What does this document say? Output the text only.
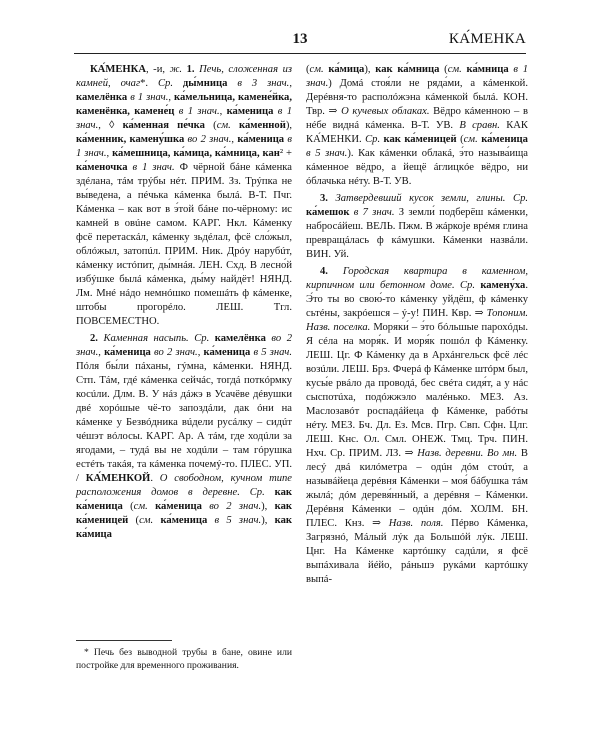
13	КА́МЕНКА

КА́МЕНКА, -и, ж. 1. Печь, сложенная из камней, очаг*. Ср. ды́мница в 3 знач., камелёнка в 1 знач., ка́мельница, камене́йка, каменёнка, камене́ц в 1 знач., ка́меница в 1 знач., ◊ ка́менная пе́чка (см. ка́менной), ка́менник, камену́шка во 2 знач., ка́меница в 1 знач., ка́мешница, ка́мица, ка́мница, кан² + ка́меночка в 1 знач. Ф чёрной бáне кáменка здéлана, тáм трýбы нéт. ПРИМ. Зз. Трýпка не вы́ведена, а пéчька кáменка былá. В-Т. Пчг. Кáменка – как вот в э́той бáне по-чёрному: ис камней в овúне самом. КАРГ. Нкл. Кáменку фсё перетаскáл, кáменку зьдéлал, фсё сло́жыл, облóжыл, затопúл. ПРИМ. Ник. Дрóу нарубúт, кáменку истóпит, ды́мнáя. ЛЕН. Схд. В лесно́й избýшке былá кáменка, ды́му найдёт! НЯНД. Лм. Мнé нáдо немнóшко помешáть ф кáменке, штобы прогорéло. ЛЕШ. Тгл. ПОВСЕМЕСТНО.

2. Каменная насыпь. Ср. камелёнка во 2 знач., ка́меница во 2 знач., ка́меница в 5 знач. Пóля бы́ли пáханы, гýмна, кáменки. НЯНД. Стп. Тáм, гдé кáменка сейчáс, тогдá поткóрмку косúли. Длм. В. У нáз дáжэ в Усачёве дéвушки двé хорóшые чё-то запоздáли, дак óни на кáменке у Безвóдника вúдели русáлку – сидúт чéшэт вóлосы. КАРГ. Ар. А тáм, где ходúли за ягодами, – тудá вы не ходúли – там гóрушка естéть такáя, та кáменка почемý-то. ПЛЕС. УП. / КА́МЕНКОЙ. О свободном, кучном типе расположения домов в деревне. Ср. как ка́меница (см. ка́меница во 2 знач.), как ка́меницей (см. ка́меница в 5 знач.), как ка́мица

(см. ка́мица), как ка́мница (см. ка́мница в 1 знач.) Домá стоя́ли не ряда́ми, а кáменкой. Дерéвня-то располóжэна кáменкой былá. КОН. Твр. ⇒ О кучевых облаках. Вёдро кáменною – в нéбе виднá кáменка. В-Т. УВ. В сравн. КАК КА́МЕНКИ. Ср. как ка́меницей (см. ка́меница в 5 знач.). Как кáменки облакá, э́то называ́ищa кáменное вёдро, а йещё áглицкóе вёдро, ни óблачька нéту. В-Т. УВ.

3. Затвердевший кусок земли, глины. Ср. ка́мешок в 7 знач. З земли́ подберёш кáменки, набросáйеш. ВЕЛЬ. Пжм. В жáркоје врéмя глина превращáлась ф кáмушки. Кáменки назвáли. ВИН. Уй.

4. Городская квартира в каменном, кирпичном или бетонном доме. Ср. камену́ха. Э́то ты во свою́-то кáменку уйдёш, ф кáменку сьтéны, закрóешся – ý-у! ПИН. Квр. ⇒ Топоним. Назв. поселка. Моряки́ – э́то бóльшые парохóды. Я сéла на моря́к. И моря́к пошóл ф Кáменку. ЛЕШ. Цг. Ф Кáменку да в Архáнгельск фсё лéс возúли. ЛЕШ. Брз. Фчерá ф Кáменке штóрм был, кусы́е рвáло да проводá, бес свéта сидя́т, а у нáс сыспотúха, подóжжэло малéнько. МЕЗ. Аз. Маслозавóт роспадáйеца ф Кáменке, рабóты нéту. МЕЗ. Бч. Дл. Ез. Мсв. Пгр. Свп. Сфн. Цлг. ЛЕШ. Кнс. Ол. Смл. ОНЕЖ. Тмц. Трч. ПИН. Нхч. Ср. ПРИМ. ЛЗ. ⇒ Назв. деревни. Во мн. В лесý двá килóметра – одúн дóм стоúт, а назывáйеца дерéвня Кáменки – моя́ бáбушка тáм жылá; дóм деревя́нный, а дерéвня – Кáменки. Дерéвня Кáменки – одúн дóм. ХОЛМ. БН. ПЛЕС. Кнз. ⇒ Назв. поля. Пéрво Кáменка, Загрязнó, Мáлый лýк да Большóй лýк. ЛЕШ. Цнг. На Кáменке картóшку садúли, я фсё выпáхивала йéйо, рáньшэ рукáми картóшку выпá-

* Печь без выводной трубы в бане, овине или постройке для временного проживания.
